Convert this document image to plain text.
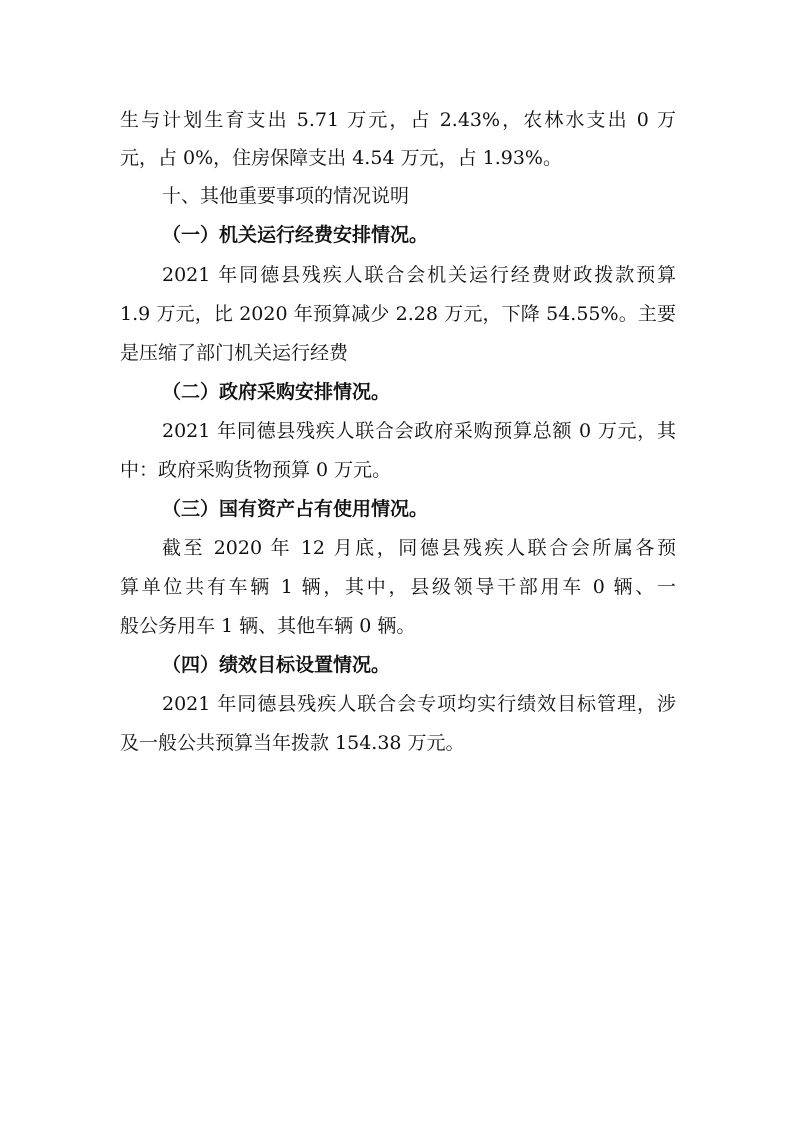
生与计划生育支出 5.71 万元，占 2.43%，农林水支出 0 万
元，占 0%，住房保障支出 4.54 万元，占 1.93%。
十、其他重要事项的情况说明
（一）机关运行经费安排情况。
2021 年同德县残疾人联合会机关运行经费财政拨款预算
1.9 万元，比 2020 年预算减少 2.28 万元，下降 54.55%。主要
是压缩了部门机关运行经费
（二）政府采购安排情况。
2021 年同德县残疾人联合会政府采购预算总额 0 万元，其
中：政府采购货物预算 0 万元。
（三）国有资产占有使用情况。
截至 2020 年 12 月底，同德县残疾人联合会所属各预
算单位共有车辆 1 辆，其中，县级领导干部用车 0 辆、一
般公务用车 1 辆、其他车辆 0 辆。
（四）绩效目标设置情况。
2021 年同德县残疾人联合会专项均实行绩效目标管理，涉
及一般公共预算当年拨款 154.38 万元。
